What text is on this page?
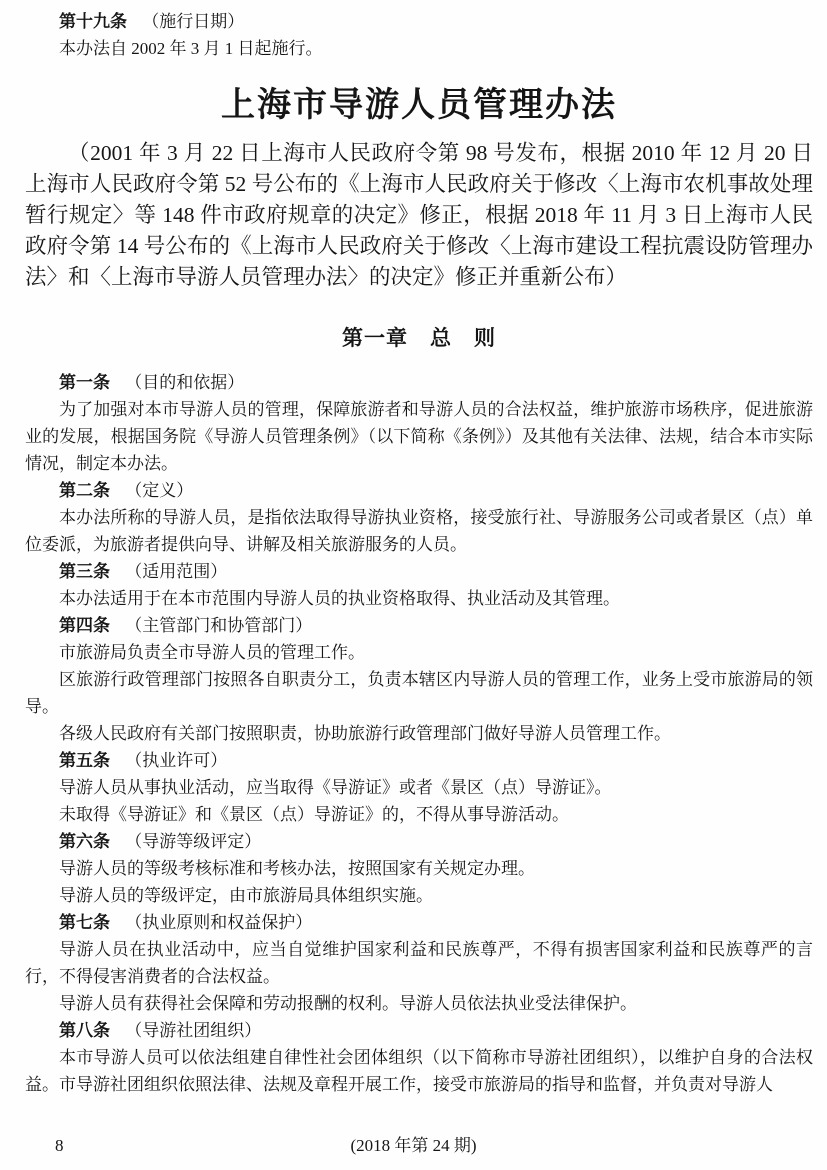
第十九条 （施行日期）

本办法自 2002 年 3 月 1 日起施行。

上海市导游人员管理办法

（2001 年 3 月 22 日上海市人民政府令第 98 号发布，根据 2010 年 12 月 20 日上海市人民政府令第 52 号公布的《上海市人民政府关于修改〈上海市农机事故处理暂行规定〉等 148 件市政府规章的决定》修正，根据 2018 年 11 月 3 日上海市人民政府令第 14 号公布的《上海市人民政府关于修改〈上海市建设工程抗震设防管理办法〉和〈上海市导游人员管理办法〉的决定》修正并重新公布）

第一章　总　则

第一条 （目的和依据）

为了加强对本市导游人员的管理，保障旅游者和导游人员的合法权益，维护旅游市场秩序，促进旅游业的发展，根据国务院《导游人员管理条例》（以下简称《条例》）及其他有关法律、法规，结合本市实际情况，制定本办法。

第二条 （定义）

本办法所称的导游人员，是指依法取得导游执业资格，接受旅行社、导游服务公司或者景区（点）单位委派，为旅游者提供向导、讲解及相关旅游服务的人员。

第三条 （适用范围）

本办法适用于在本市范围内导游人员的执业资格取得、执业活动及其管理。

第四条 （主管部门和协管部门）

市旅游局负责全市导游人员的管理工作。

区旅游行政管理部门按照各自职责分工，负责本辖区内导游人员的管理工作，业务上受市旅游局的领导。

各级人民政府有关部门按照职责，协助旅游行政管理部门做好导游人员管理工作。

第五条 （执业许可）

导游人员从事执业活动，应当取得《导游证》或者《景区（点）导游证》。

未取得《导游证》和《景区（点）导游证》的，不得从事导游活动。

第六条 （导游等级评定）

导游人员的等级考核标准和考核办法，按照国家有关规定办理。

导游人员的等级评定，由市旅游局具体组织实施。

第七条 （执业原则和权益保护）

导游人员在执业活动中，应当自觉维护国家利益和民族尊严，不得有损害国家利益和民族尊严的言行，不得侵害消费者的合法权益。

导游人员有获得社会保障和劳动报酬的权利。导游人员依法执业受法律保护。

第八条 （导游社团组织）

本市导游人员可以依法组建自律性社会团体组织（以下简称市导游社团组织），以维护自身的合法权益。市导游社团组织依照法律、法规及章程开展工作，接受市旅游局的指导和监督，并负责对导游人

8	(2018 年第 24 期)
